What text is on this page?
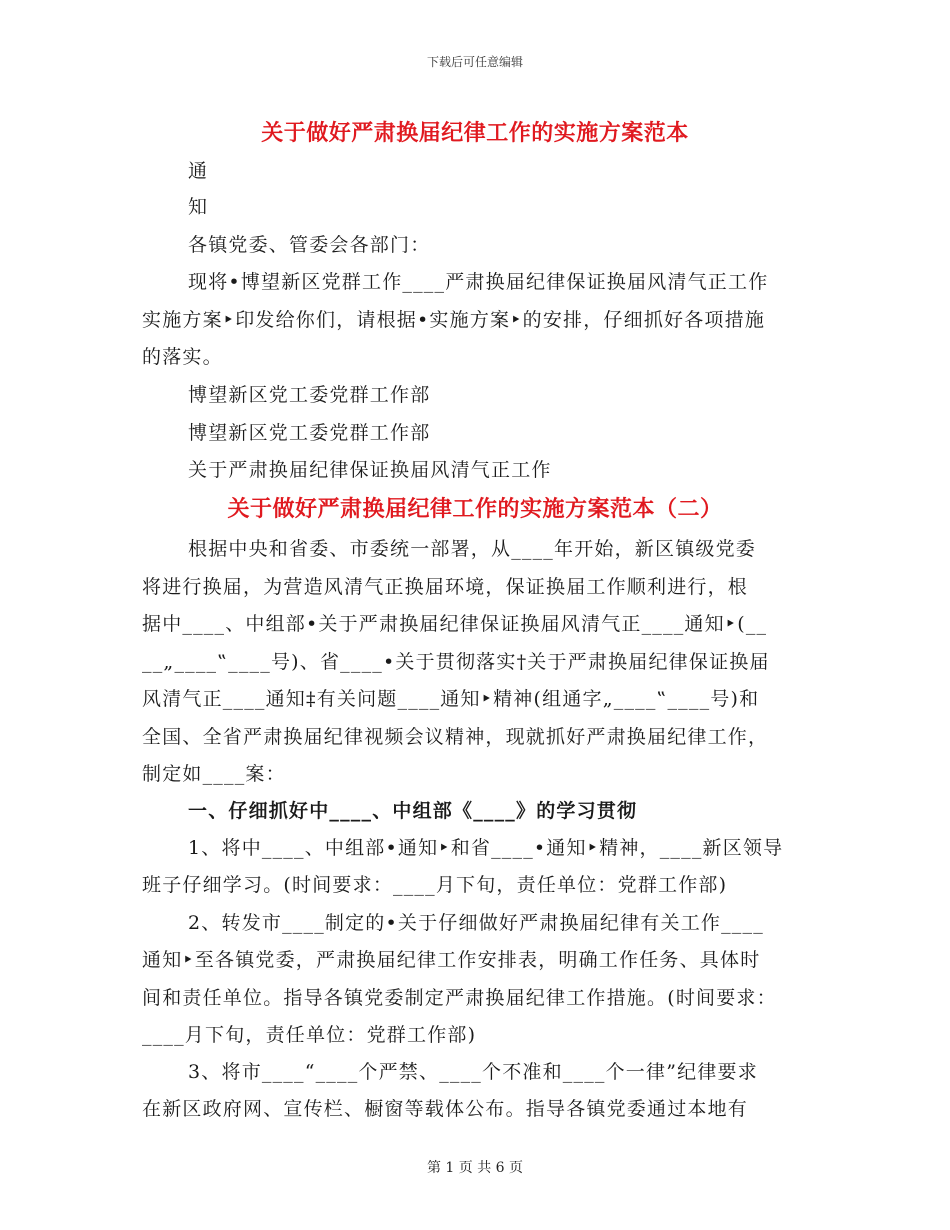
下载后可任意编辑
关于做好严肃换届纪律工作的实施方案范本
通
知
各镇党委、管委会各部门：
现将•博望新区党群工作____严肃换届纪律保证换届风清气正工作
实施方案‣印发给你们，请根据•实施方案‣的安排，仔细抓好各项措施
的落实。
博望新区党工委党群工作部
博望新区党工委党群工作部
关于严肃换届纪律保证换届风清气正工作
关于做好严肃换届纪律工作的实施方案范本（二）
根据中央和省委、市委统一部署，从____年开始，新区镇级党委
将进行换届，为营造风清气正换届环境，保证换届工作顺利进行，根
据中____、中组部•关于严肃换届纪律保证换届风清气正____通知‣(__
__„____‟____号)、省____•关于贯彻落实†关于严肃换届纪律保证换届
风清气正____通知‡有关问题____通知‣精神(组通字„____‟____号)和
全国、全省严肃换届纪律视频会议精神，现就抓好严肃换届纪律工作，
制定如____案：
一、仔细抓好中____、中组部《____》的学习贯彻
1、将中____、中组部•通知‣和省____•通知‣精神，____新区领导
班子仔细学习。(时间要求：____月下旬，责任单位：党群工作部)
2、转发市____制定的•关于仔细做好严肃换届纪律有关工作____
通知‣至各镇党委，严肃换届纪律工作安排表，明确工作任务、具体时
间和责任单位。指导各镇党委制定严肃换届纪律工作措施。(时间要求：
____月下旬，责任单位：党群工作部)
3、将市____“____个严禁、____个不准和____个一律”纪律要求
在新区政府网、宣传栏、橱窗等载体公布。指导各镇党委通过本地有
第 1 页 共 6 页
